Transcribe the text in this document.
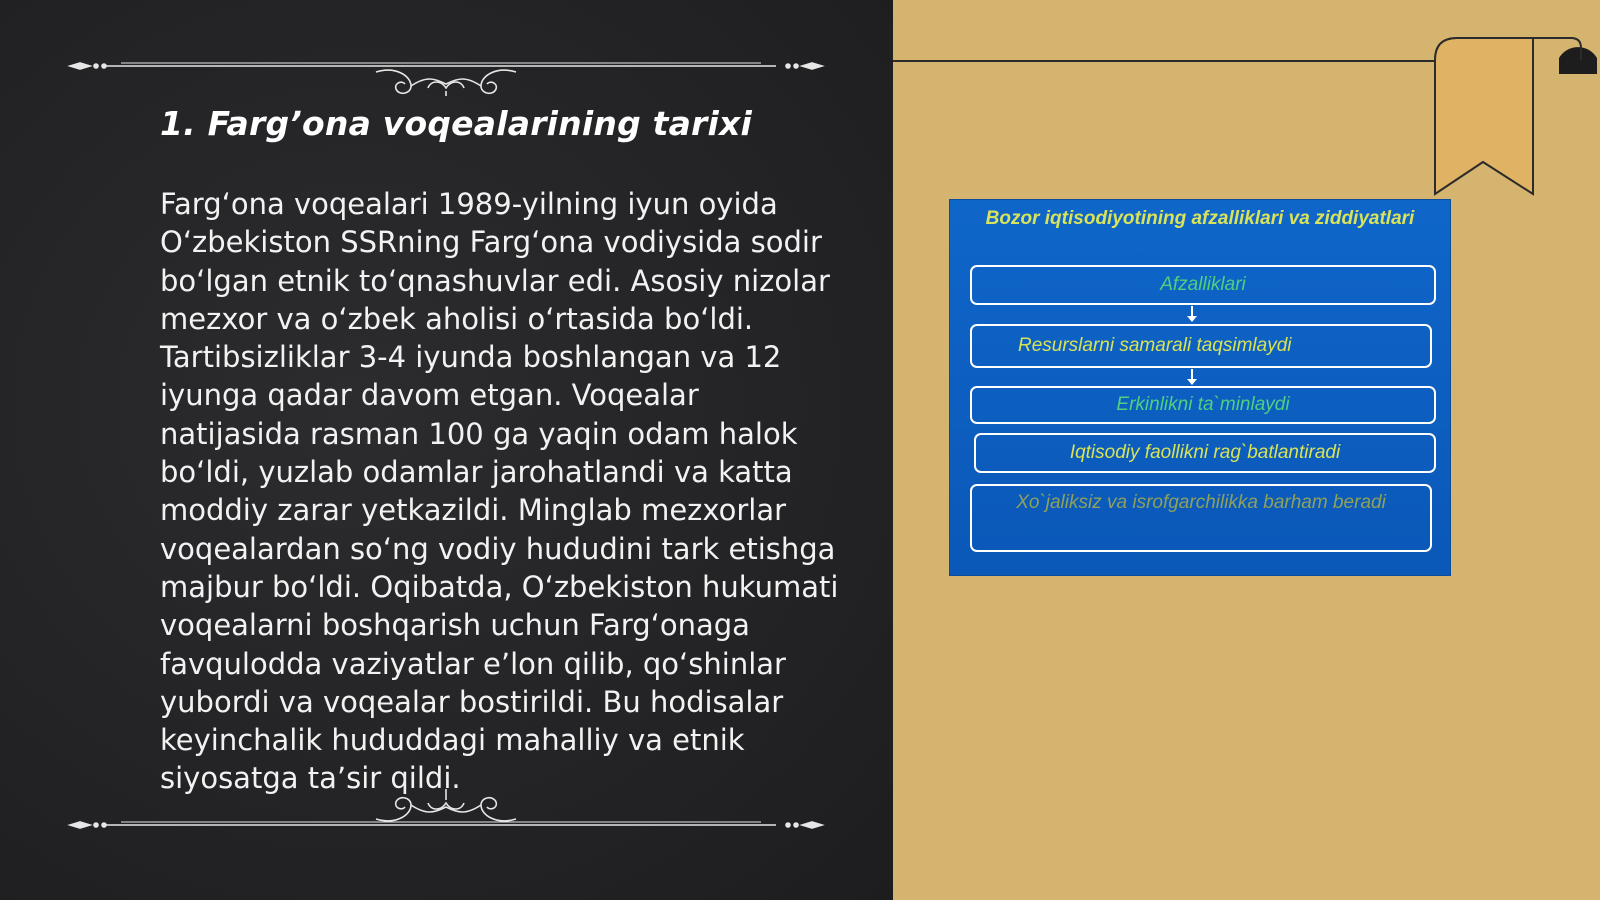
1. Farg’ona voqealarining tarixi

Farg‘ona voqealari 1989-yilning iyun oyida O‘zbekiston SSRning Farg‘ona vodiysida sodir bo‘lgan etnik to‘qnashuvlar edi. Asosiy nizolar mezxor va o‘zbek aholisi o‘rtasida bo‘ldi. Tartibsizliklar 3-4 iyunda boshlangan va 12 iyunga qadar davom etgan. Voqealar natijasida rasman 100 ga yaqin odam halok bo‘ldi, yuzlab odamlar jarohatlandi va katta moddiy zarar yetkazildi. Minglab mezxorlar voqealardan so‘ng vodiy hududini tark etishga majbur bo‘ldi. Oqibatda, O‘zbekiston hukumati voqealarni boshqarish uchun Farg‘onaga favqulodda vaziyatlar e’lon qilib, qo‘shinlar yubordi va voqealar bostirildi. Bu hodisalar keyinchalik hududdagi mahalliy va etnik siyosatga ta’sir qildi.

Bozor iqtisodiyotining afzalliklari va ziddiyatlari
Afzalliklari
Resurslarni samarali taqsimlaydi
Erkinlikni ta`minlaydi
Iqtisodiy faollikni rag`batlantiradi
Xo`jaliksiz va isrofgarchilikka barham beradi
